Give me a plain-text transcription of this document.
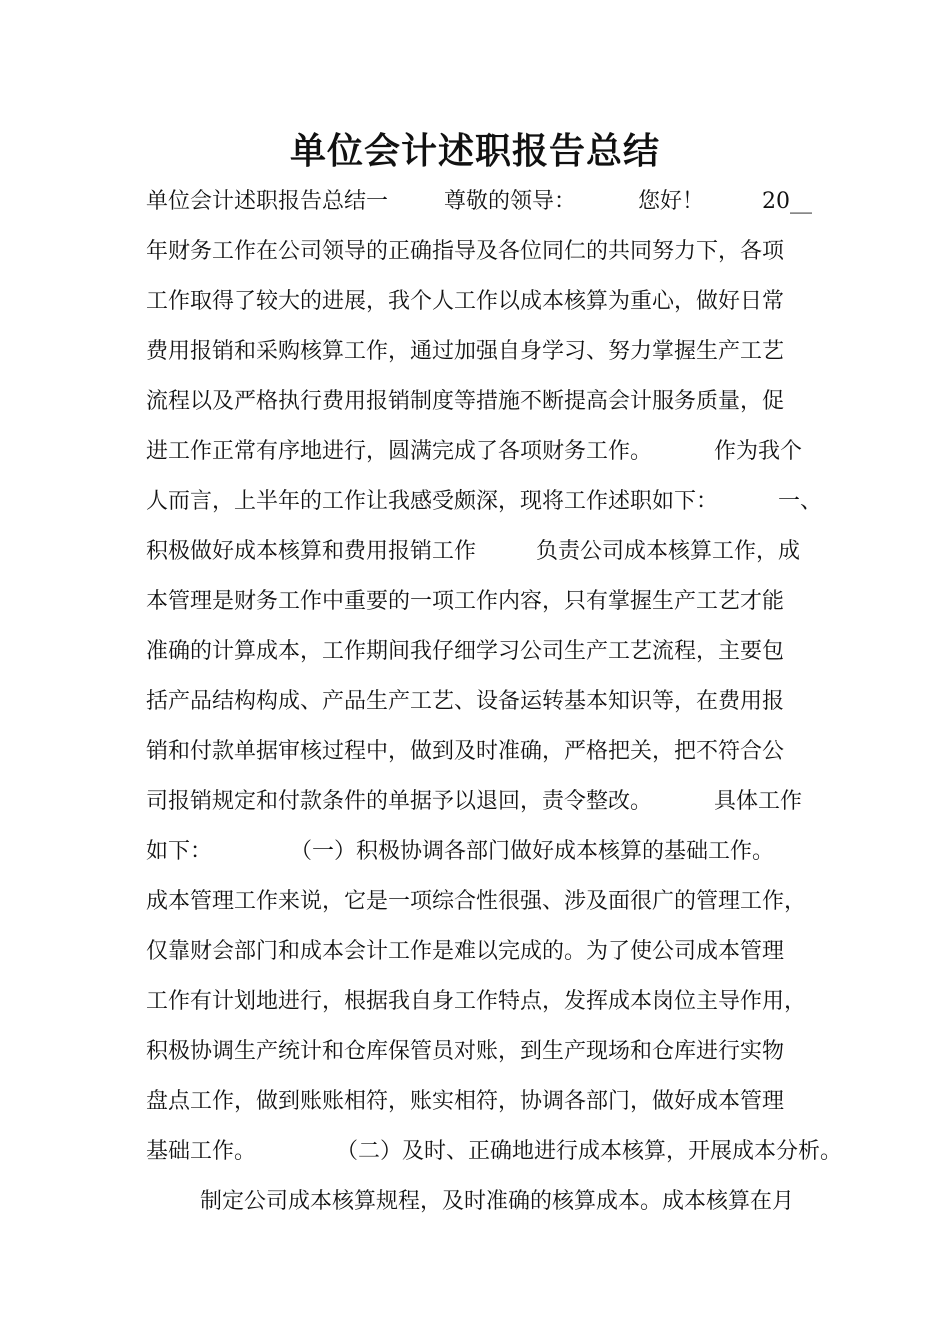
单位会计述职报告总结
单位会计述职报告总结一	尊敬的领导：	您好！	20__
年财务工作在公司领导的正确指导及各位同仁的共同努力下，各项
工作取得了较大的进展，我个人工作以成本核算为重心，做好日常
费用报销和采购核算工作，通过加强自身学习、努力掌握生产工艺
流程以及严格执行费用报销制度等措施不断提高会计服务质量，促
进工作正常有序地进行，圆满完成了各项财务工作。	作为我个
人而言，上半年的工作让我感受颇深，现将工作述职如下：	一、
积极做好成本核算和费用报销工作	负责公司成本核算工作，成
本管理是财务工作中重要的一项工作内容，只有掌握生产工艺才能
准确的计算成本，工作期间我仔细学习公司生产工艺流程，主要包
括产品结构构成、产品生产工艺、设备运转基本知识等，在费用报
销和付款单据审核过程中，做到及时准确，严格把关，把不符合公
司报销规定和付款条件的单据予以退回，责令整改。	具体工作
如下：	（一）积极协调各部门做好成本核算的基础工作。
成本管理工作来说，它是一项综合性很强、涉及面很广的管理工作，
仅靠财会部门和成本会计工作是难以完成的。为了使公司成本管理
工作有计划地进行，根据我自身工作特点，发挥成本岗位主导作用，
积极协调生产统计和仓库保管员对账，到生产现场和仓库进行实物
盘点工作，做到账账相符，账实相符，协调各部门，做好成本管理
基础工作。	（二）及时、正确地进行成本核算，开展成本分析。
制定公司成本核算规程，及时准确的核算成本。成本核算在月
